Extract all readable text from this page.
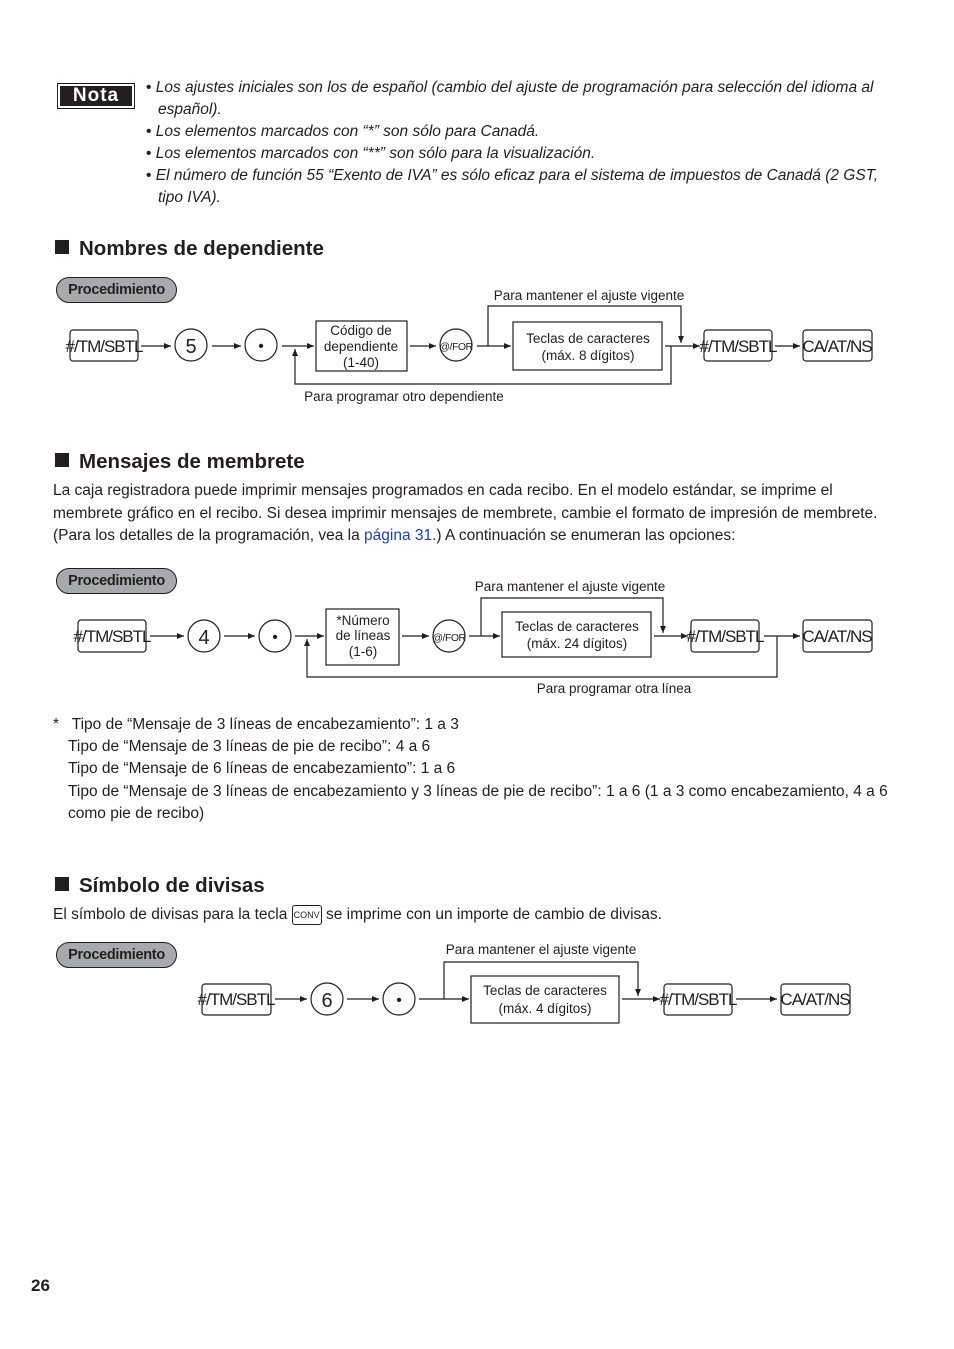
Nota
•	Los ajustes iniciales son los de español (cambio del ajuste de programación para selección del idioma al español).
• Los elementos marcados con “*” son sólo para Canadá.
• Los elementos marcados con “**” son sólo para la visualización.
• El número de función 55 “Exento de IVA” es sólo eficaz para el sistema de impuestos de Canadá (2 GST, tipo IVA).
Nombres de dependiente
Procedimiento
#/TM/SBTL 5	•
Código de
dependiente
(1-40)
@/FOR
Teclas de caracteres
(máx. 8 dígitos)	#/TM/SBTL CA/AT/NS
Para mantener el ajuste vigente
Para programar otro dependiente
#/TM/SBTL 4	•
*Número
de líneas
(1-6)
@/FOR
Teclas de caracteres
(máx. 24 dígitos)	#/TM/SBTL CA/AT/NS
Para mantener el ajuste vigente
Para programar otra línea
#/TM/SBTL 6	•
Teclas de caracteres
(máx. 4 dígitos)	#/TM/SBTL	CA/AT/NS
Para mantener el ajuste vigente
Mensajes de membrete
La caja registradora puede imprimir mensajes programados en cada recibo. En el modelo estándar, se imprime el membrete gráfico en el recibo. Si desea imprimir mensajes de membrete, cambie el formato de impresión de membrete. (Para los detalles de la programación, vea la página 31.) A continuación se enumeran las opciones:
Procedimiento
* Tipo de “Mensaje de 3 líneas de encabezamiento”: 1 a 3
Tipo de “Mensaje de 3 líneas de pie de recibo”: 4 a 6
Tipo de “Mensaje de 6 líneas de encabezamiento”: 1 a 6
Tipo de “Mensaje de 3 líneas de encabezamiento y 3 líneas de pie de recibo”: 1 a 6 (1 a 3 como encabezamiento, 4 a 6 como pie de recibo)
Símbolo de divisas
El símbolo de divisas para la tecla CONV se imprime con un importe de cambio de divisas.
Procedimiento
26
